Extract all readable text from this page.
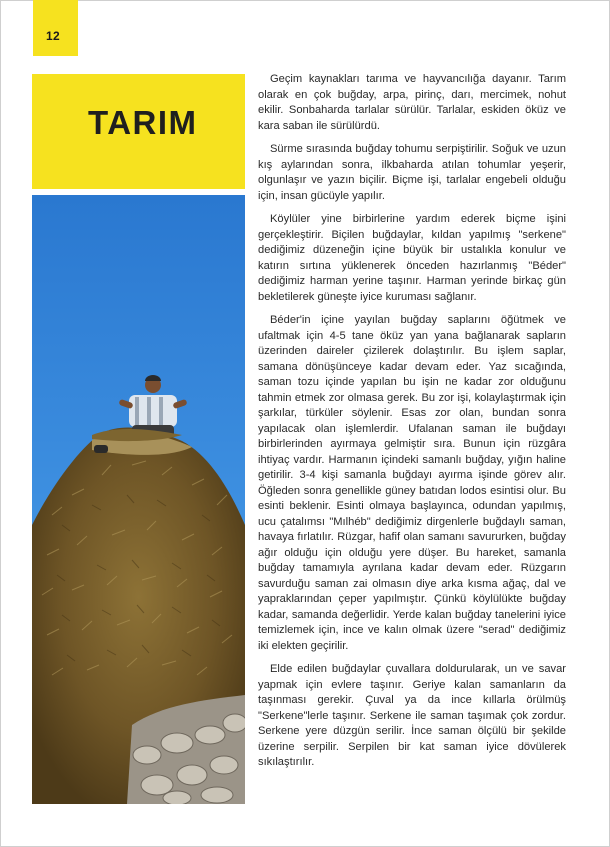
12
TARIM

Geçim kaynakları tarıma ve hayvancılığa dayanır. Tarım olarak en çok buğday, arpa, pirinç, darı, mercimek, nohut ekilir. Sonbaharda tarlalar sürülür. Tarlalar, eskiden öküz ve kara saban ile sürülürdü.

Sürme sırasında buğday tohumu serpiştirilir. Soğuk ve uzun kış aylarından sonra, ilkbaharda atılan tohumlar yeşerir, olgunlaşır ve yazın biçilir. Biçme işi, tarlalar engebeli olduğu için, insan gücüyle yapılır.

Köylüler yine birbirlerine yardım ederek biçme işini gerçekleştirir. Biçilen buğdaylar, kıldan yapılmış "serkene" dediğimiz düzeneğin içine büyük bir ustalıkla konulur ve katırın sırtına yüklenerek önceden hazırlanmış "Béder" dediğimiz harman yerine taşınır. Harman yerinde birkaç gün bekletilerek güneşte iyice kuruması sağlanır.

Béder'in içine yayılan buğday saplarını öğütmek ve ufaltmak için 4-5 tane öküz yan yana bağlanarak sapların üzerinden daireler çizilerek dolaştırılır. Bu işlem saplar, samana dönüşünceye kadar devam eder. Yaz sıcağında, saman tozu içinde yapılan bu işin ne kadar zor olduğunu tahmin etmek zor olmasa gerek. Bu zor işi, kolaylaştırmak için şarkılar, türküler söylenir. Esas zor olan, bundan sonra yapılacak olan işlemlerdir. Ufalanan saman ile buğdayı birbirlerinden ayırmaya gelmiştir sıra. Bunun için rüzgâra ihtiyaç vardır. Harmanın içindeki samanlı buğday, yığın haline getirilir. 3-4 kişi samanla buğdayı ayırma işinde görev alır. Öğleden sonra genellikle güney batıdan lodos esintisi olur. Bu esinti beklenir. Esinti olmaya başlayınca, odundan yapılmış, ucu çatalımsı "Mılhéb" dediğimiz dirgenlerle buğdaylı saman, havaya fırlatılır. Rüzgar, hafif olan samanı savururken, buğday ağır olduğu için olduğu yere düşer. Bu hareket, samanla buğday tamamıyla ayrılana kadar devam eder. Rüzgarın savurduğu saman zai olmasın diye arka kısma ağaç, dal ve yapraklarından çeper yapılmıştır. Çünkü köylülükte buğday kadar, samanda değerlidir. Yerde kalan buğday tanelerini iyice temizlemek için, ince ve kalın olmak üzere "serad" dediğimiz iki elekten geçirilir.

Elde edilen buğdaylar çuvallara doldurularak, un ve savar yapmak için evlere taşınır. Geriye kalan samanların da taşınması gerekir. Çuval ya da ince kıllarla örülmüş "Serkene"lerle taşınır. Serkene ile saman taşımak çok zordur. Serkene yere düzgün serilir. İnce saman ölçülü bir şekilde üzerine serpilir. Serpilen bir kat saman iyice dövülerek sıkılaştırılır.
